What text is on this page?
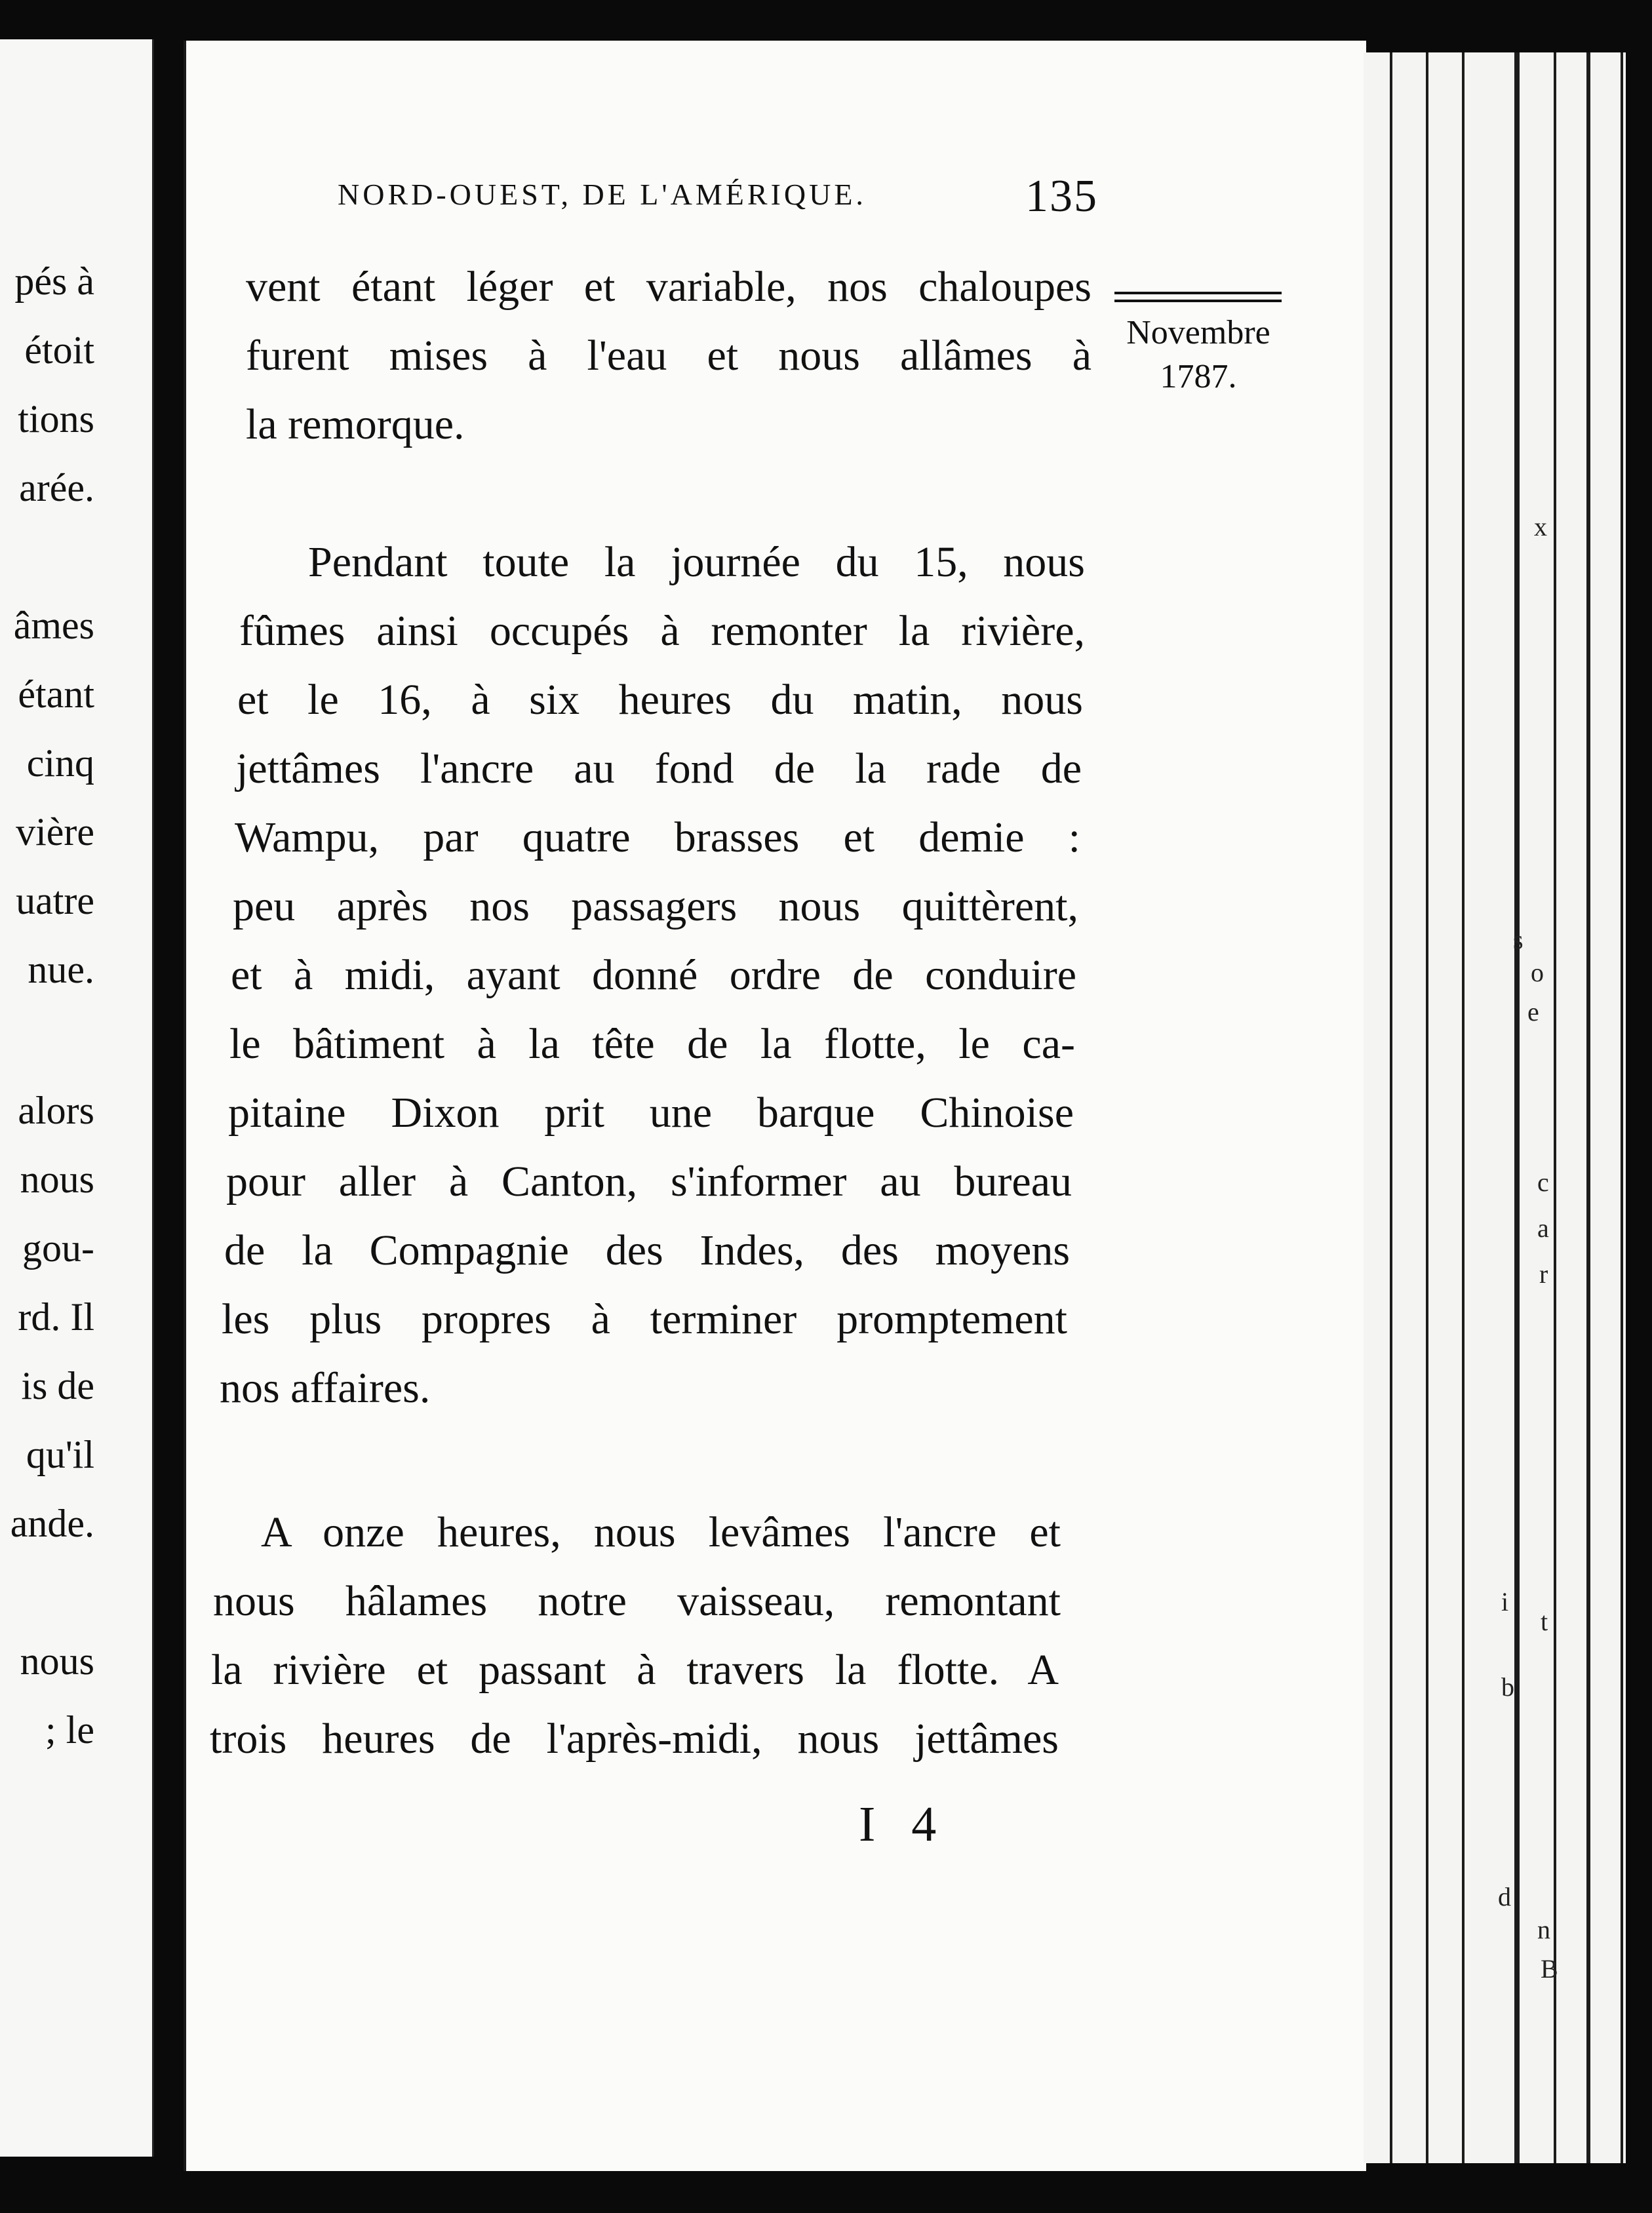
pés à
étoit
tions
arée.
âmes
étant
cinq
vière
uatre
nue.
alors
nous
gou-
rd. Il
is de
qu'il
ande.
nous
; le
x
c
a
r
e
o
b
i
t
d
n
s
B
NORD-OUEST, DE L'AMÉRIQUE.	135
Novembre
1787.
vent étant léger et variable, nos chaloupes
furent mises à l'eau et nous allâmes à
la remorque.
Pendant toute la journée du 15, nous
fûmes ainsi occupés à remonter la rivière,
et le 16, à six heures du matin, nous
jettâmes l'ancre au fond de la rade de
Wampu, par quatre brasses et demie :
peu après nos passagers nous quittèrent,
et à midi, ayant donné ordre de conduire
le bâtiment à la tête de la flotte, le ca-
pitaine Dixon prit une barque Chinoise
pour aller à Canton, s'informer au bureau
de la Compagnie des Indes, des moyens
les plus propres à terminer promptement
nos affaires.
A onze heures, nous levâmes l'ancre et
nous hâlames notre vaisseau, remontant
la rivière et passant à travers la flotte. A
trois heures de l'après-midi, nous jettâmes
I 4
